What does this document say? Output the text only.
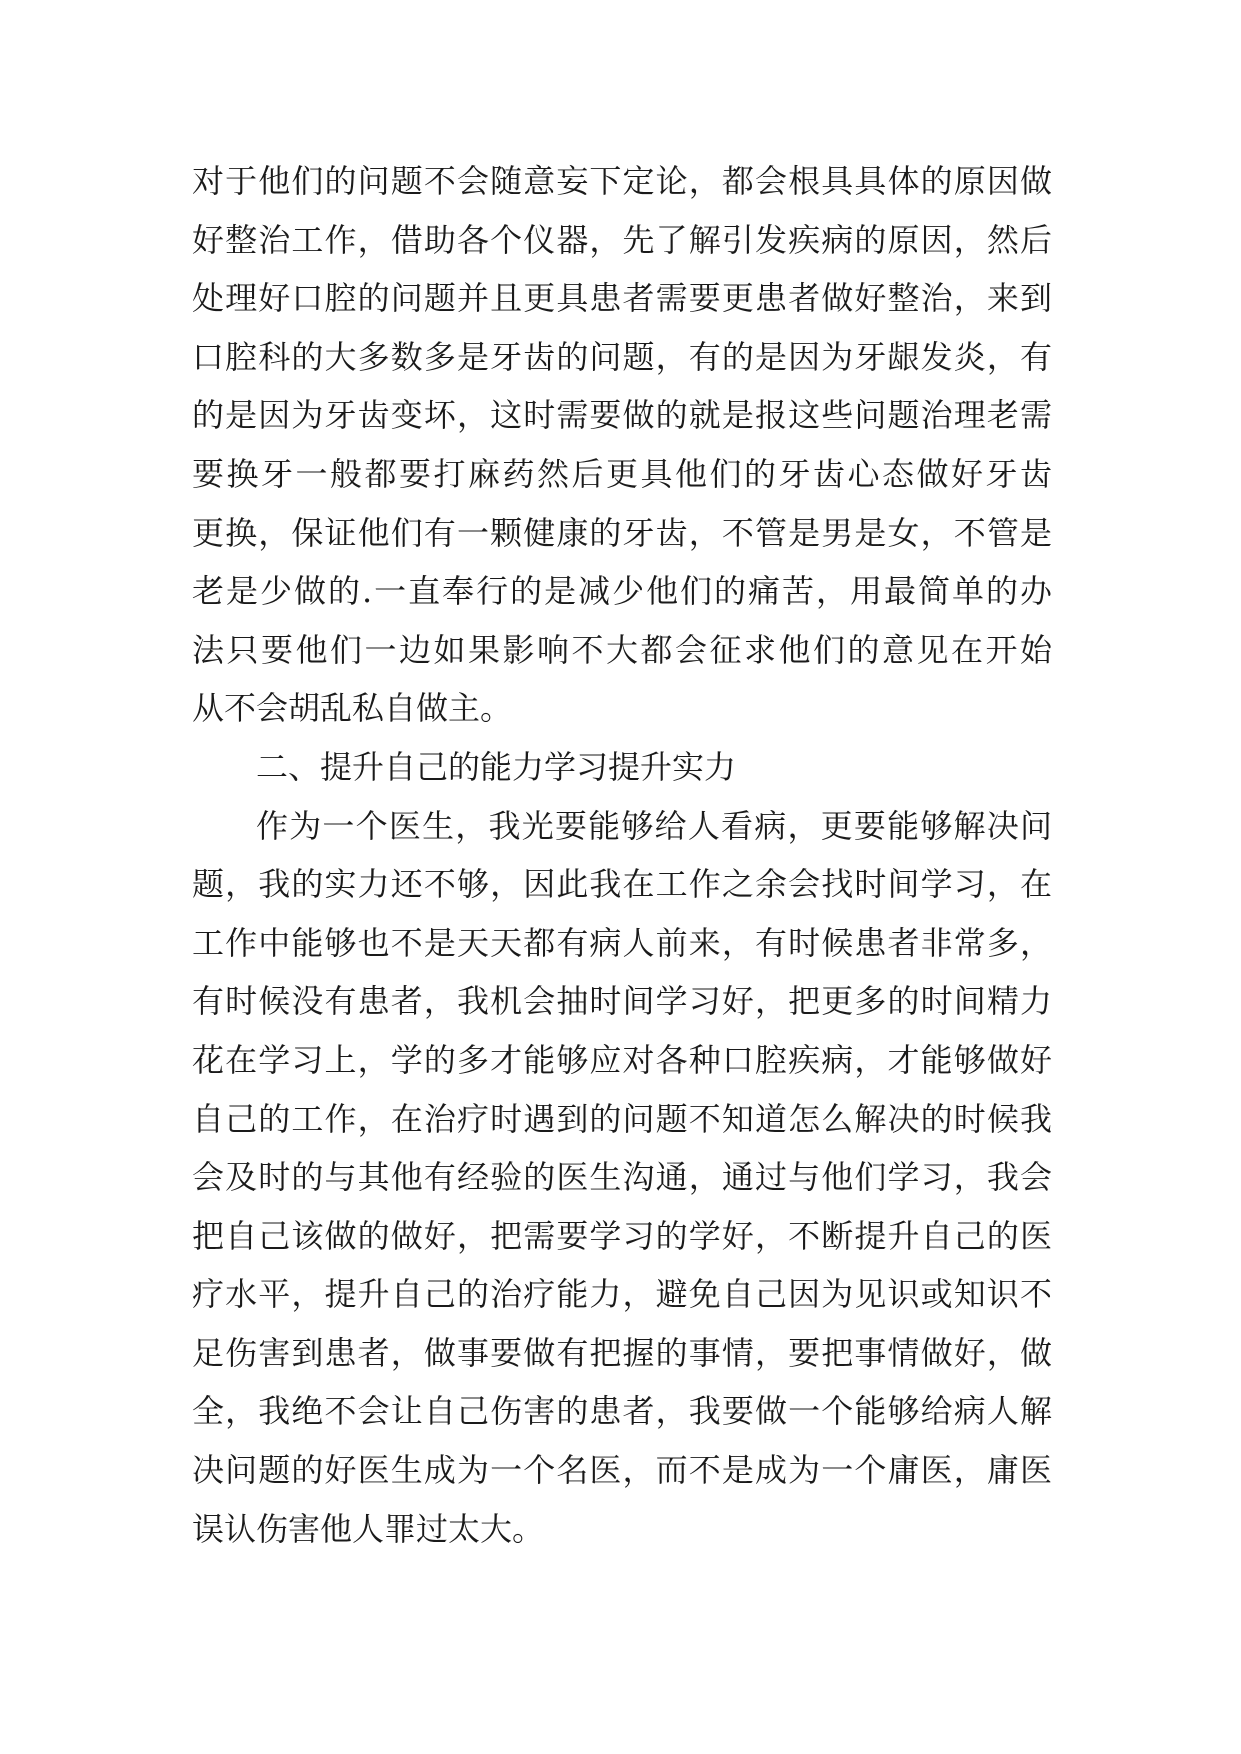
对于他们的问题不会随意妄下定论，都会根具具体的原因做
好整治工作，借助各个仪器，先了解引发疾病的原因，然后
处理好口腔的问题并且更具患者需要更患者做好整治，来到
口腔科的大多数多是牙齿的问题，有的是因为牙龈发炎，有
的是因为牙齿变坏，这时需要做的就是报这些问题治理老需
要换牙一般都要打麻药然后更具他们的牙齿心态做好牙齿
更换，保证他们有一颗健康的牙齿，不管是男是女，不管是
老是少做的.一直奉行的是减少他们的痛苦，用最简单的办
法只要他们一边如果影响不大都会征求他们的意见在开始
从不会胡乱私自做主。
二、提升自己的能力学习提升实力
作为一个医生，我光要能够给人看病，更要能够解决问
题，我的实力还不够，因此我在工作之余会找时间学习，在
工作中能够也不是天天都有病人前来，有时候患者非常多，
有时候没有患者，我机会抽时间学习好，把更多的时间精力
花在学习上，学的多才能够应对各种口腔疾病，才能够做好
自己的工作，在治疗时遇到的问题不知道怎么解决的时候我
会及时的与其他有经验的医生沟通，通过与他们学习，我会
把自己该做的做好，把需要学习的学好，不断提升自己的医
疗水平，提升自己的治疗能力，避免自己因为见识或知识不
足伤害到患者，做事要做有把握的事情，要把事情做好，做
全，我绝不会让自己伤害的患者，我要做一个能够给病人解
决问题的好医生成为一个名医，而不是成为一个庸医，庸医
误认伤害他人罪过太大。
